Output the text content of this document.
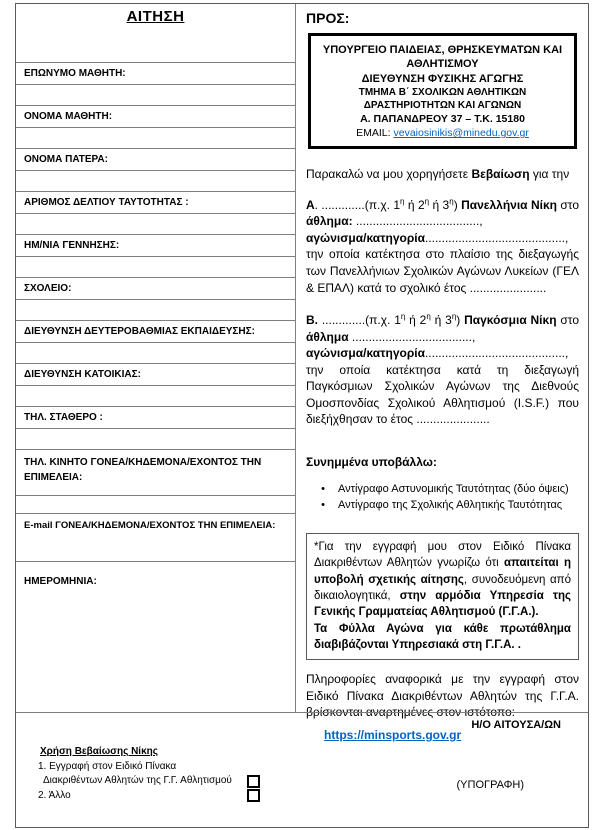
ΑΙΤΗΣΗ
ΕΠΩΝΥΜΟ ΜΑΘΗΤΗ:
ΟΝΟΜΑ ΜΑΘΗΤΗ:
ΟΝΟΜΑ ΠΑΤΕΡΑ:
ΑΡΙΘΜΟΣ ΔΕΛΤΙΟΥ ΤΑΥΤΟΤΗΤΑΣ :
ΗΜ/ΝΙΑ ΓΕΝΝΗΣΗΣ:
ΣΧΟΛΕΙΟ:
ΔΙΕΥΘΥΝΣΗ ΔΕΥΤΕΡΟΒΑΘΜΙΑΣ ΕΚΠΑΙΔΕΥΣΗΣ:
ΔΙΕΥΘΥΝΣΗ ΚΑΤΟΙΚΙΑΣ:
ΤΗΛ. ΣΤΑΘΕΡΟ :
ΤΗΛ. ΚΙΝΗΤΟ ΓΟΝΕΑ/ΚΗΔΕΜΟΝΑ/ΕΧΟΝΤΟΣ ΤΗΝ ΕΠΙΜΕΛΕΙΑ:
E-mail ΓΟΝΕΑ/ΚΗΔΕΜΟΝΑ/ΕΧΟΝΤΟΣ ΤΗΝ ΕΠΙΜΕΛΕΙΑ:
ΗΜΕΡΟΜΗΝΙΑ:
ΠΡΟΣ:
ΥΠΟΥΡΓΕΙΟ ΠΑΙΔΕΙΑΣ, ΘΡΗΣΚΕΥΜΑΤΩΝ ΚΑΙ ΑΘΛΗΤΙΣΜΟΥ
ΔΙΕΥΘΥΝΣΗ ΦΥΣΙΚΗΣ ΑΓΩΓΗΣ
ΤΜΗΜΑ Β΄ ΣΧΟΛΙΚΩΝ ΑΘΛΗΤΙΚΩΝ ΔΡΑΣΤΗΡΙΟΤΗΤΩΝ ΚΑΙ ΑΓΩΝΩΝ
Α. ΠΑΠΑΝΔΡΕΟΥ 37 – Τ.Κ. 15180
EMAIL: vevaiosinikis@minedu.gov.gr
Παρακαλώ να μου χορηγήσετε Βεβαίωση για την
Α. .............(π.χ. $1^\eta$ ή $2^\eta$ ή $3^\eta$) Πανελλήνια Νίκη στο άθλημα: .....................................,
αγώνισμα/κατηγορία.........................................., την οποία κατέκτησα στο πλαίσιο της διεξαγωγής των Πανελλήνιων Σχολικών Αγώνων Λυκείων (ΓΕΛ & ΕΠΑΛ) κατά το σχολικό έτος .......................
Β. .............(π.χ. $1^\eta$ ή $2^\eta$ ή $3^\eta$) Παγκόσμια Νίκη στο άθλημα ....................................,
αγώνισμα/κατηγορία..........................................,
την οποία κατέκτησα κατά τη διεξαγωγή Παγκόσμιων Σχολικών Αγώνων της Διεθνούς Ομοσπονδίας Σχολικού Αθλητισμού (I.S.F.) που διεξήχθησαν το έτος ......................
Συνημμένα υποβάλλω:
•	Αντίγραφο Αστυνομικής Ταυτότητας (δύο όψεις)
•	Αντίγραφο της Σχολικής Αθλητικής Ταυτότητας
*Για την εγγραφή μου στον Ειδικό Πίνακα Διακριθέντων Αθλητών γνωρίζω ότι απαιτείται η υποβολή σχετικής αίτησης, συνοδευόμενη από δικαιολογητικά, στην αρμόδια Υπηρεσία της Γενικής Γραμματείας Αθλητισμού (Γ.Γ.Α.).
Τα Φύλλα Αγώνα για κάθε πρωτάθλημα διαβιβάζονται Υπηρεσιακά στη Γ.Γ.Α. .
Πληροφορίες αναφορικά με την εγγραφή στον Ειδικό Πίνακα Διακριθέντων Αθλητών της Γ.Γ.Α. βρίσκονται αναρτημένες στον ιστότοπο:
https://minsports.gov.gr
Η/Ο ΑΙΤΟΥΣΑ/ΩΝ
Χρήση Βεβαίωσης Νίκης
1. Εγγραφή στον Ειδικό Πίνακα
Διακριθέντων Αθλητών της Γ.Γ. Αθλητισμού
2. Άλλο
(ΥΠΟΓΡΑΦΗ)
